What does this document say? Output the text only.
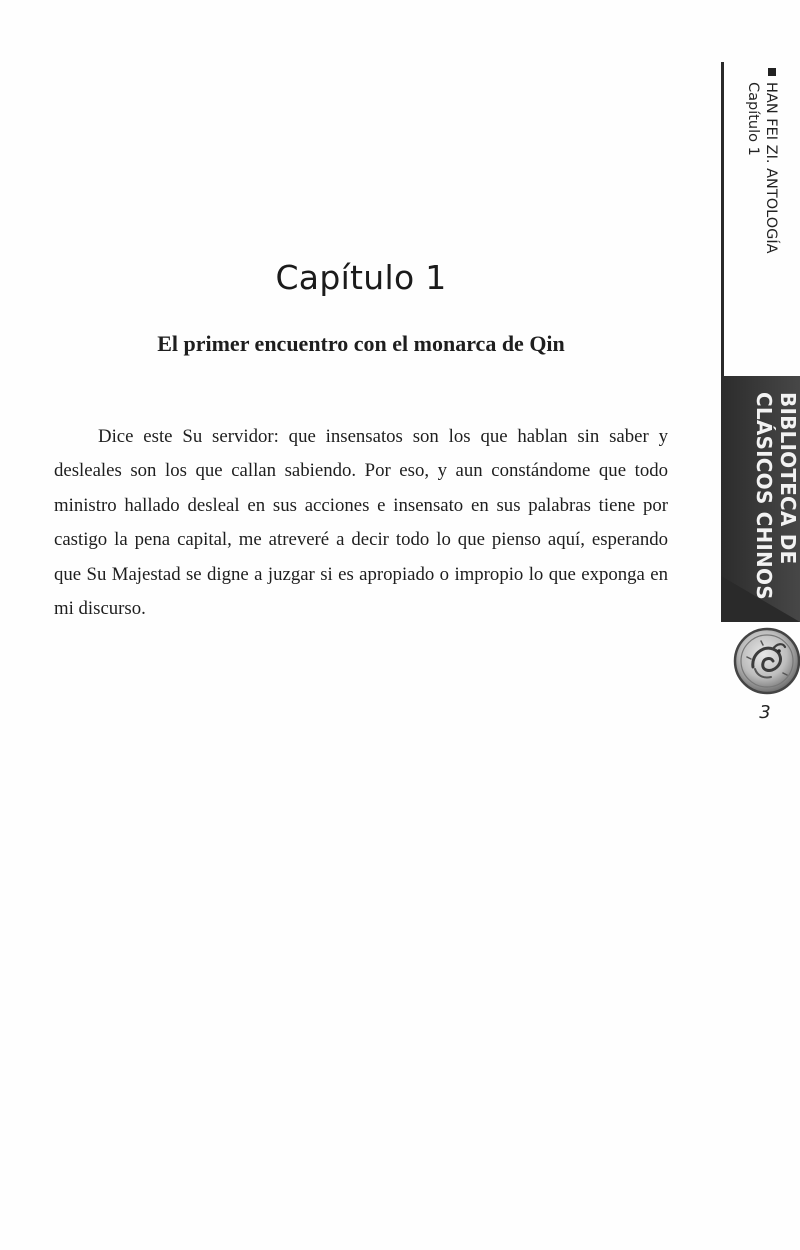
Capítulo 1
El primer encuentro con el monarca de Qin

Dice este Su servidor: que insensatos son los que hablan sin saber y desleales son los que callan sabiendo. Por eso, y aun constándome que todo ministro hallado desleal en sus acciones e insensato en sus palabras tiene por castigo la pena capital, me atreveré a decir todo lo que pienso aquí, esperando que Su Majestad se digne a juzgar si es apropiado o impropio lo que exponga en mi discurso.

HAN FEI ZI. ANTOLOGÍA
Capítulo 1
BIBLIOTECA DE
CLÁSICOS CHINOS
3
